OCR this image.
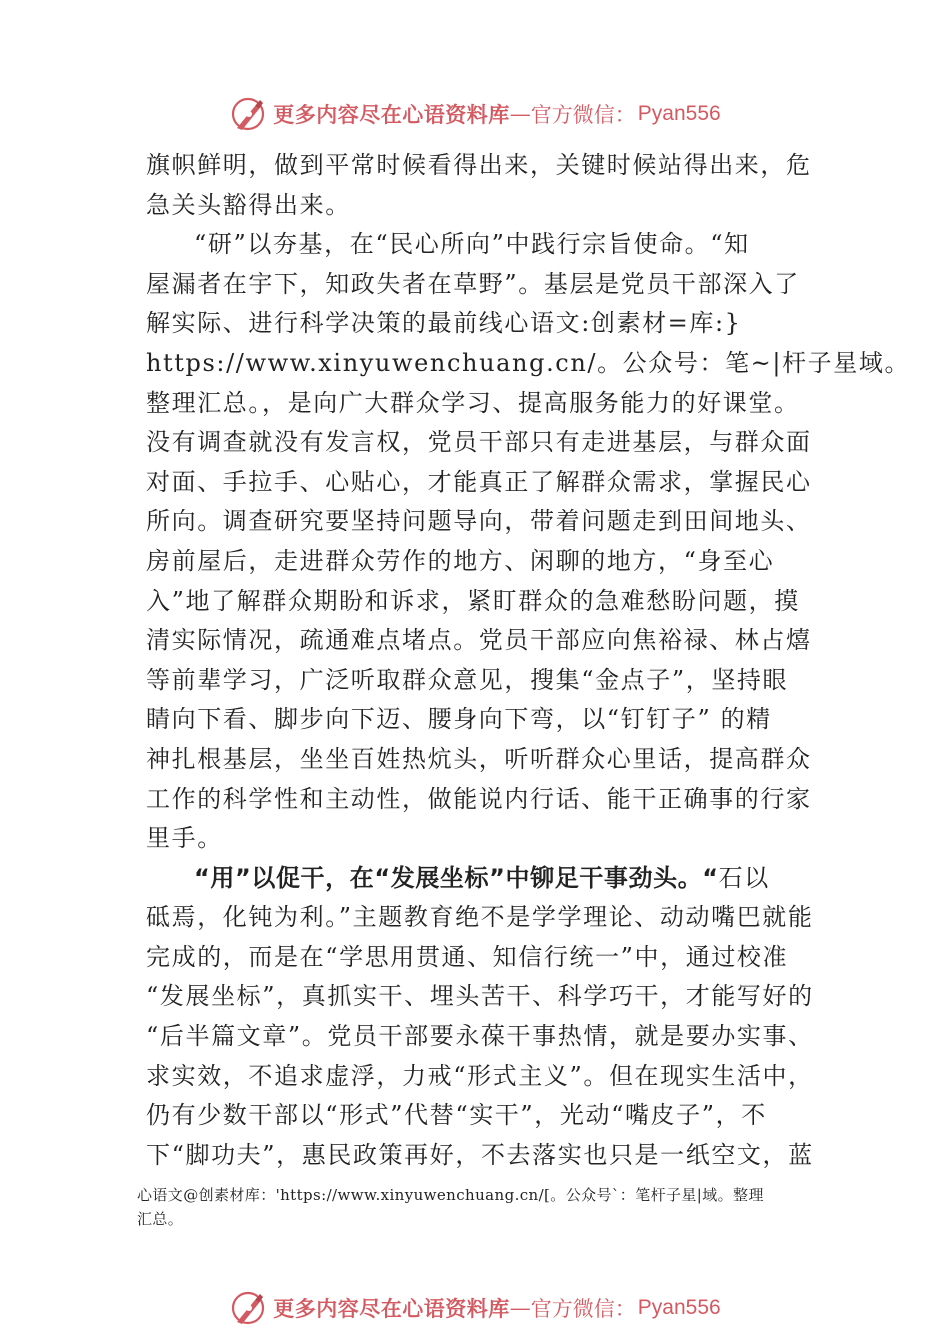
更多内容尽在心语资料库 — 官方微信： Pyan556
旗帜鲜明，做到平常时候看得出来，关键时候站得出来，危
急关头豁得出来。
“研”以夯基，在“民心所向”中践行宗旨使命。“知
屋漏者在宇下，知政失者在草野”。基层是党员干部深入了
解实际、进行科学决策的最前线心语文:创素材=库:}
https://www.xinyuwenchuang.cn/。公众号：笔~|杆子星域。
整理汇总。，是向广大群众学习、提高服务能力的好课堂。
没有调查就没有发言权，党员干部只有走进基层，与群众面
对面、手拉手、心贴心，才能真正了解群众需求，掌握民心
所向。调查研究要坚持问题导向，带着问题走到田间地头、
房前屋后，走进群众劳作的地方、闲聊的地方，“身至心
入”地了解群众期盼和诉求，紧盯群众的急难愁盼问题，摸
清实际情况，疏通难点堵点。党员干部应向焦裕禄、林占熺
等前辈学习，广泛听取群众意见，搜集“金点子”，坚持眼
睛向下看、脚步向下迈、腰身向下弯，以“钉钉子” 的精
神扎根基层，坐坐百姓热炕头，听听群众心里话，提高群众
工作的科学性和主动性，做能说内行话、能干正确事的行家
里手。
“用”以促干，在“发展坐标”中铆足干事劲头。“石以
砥焉，化钝为利。”主题教育绝不是学学理论、动动嘴巴就能
完成的，而是在“学思用贯通、知信行统一”中，通过校准
“发展坐标”，真抓实干、埋头苦干、科学巧干，才能写好的
“后半篇文章”。党员干部要永葆干事热情，就是要办实事、
求实效，不追求虚浮，力戒“形式主义”。但在现实生活中，
仍有少数干部以“形式”代替“实干”，光动“嘴皮子”，不
下“脚功夫”，惠民政策再好，不去落实也只是一纸空文，蓝
心语文@创素材库：'https://www.xinyuwenchuang.cn/[。公众号`：笔杆子星|域。整理
汇总。
更多内容尽在心语资料库 — 官方微信： Pyan556
